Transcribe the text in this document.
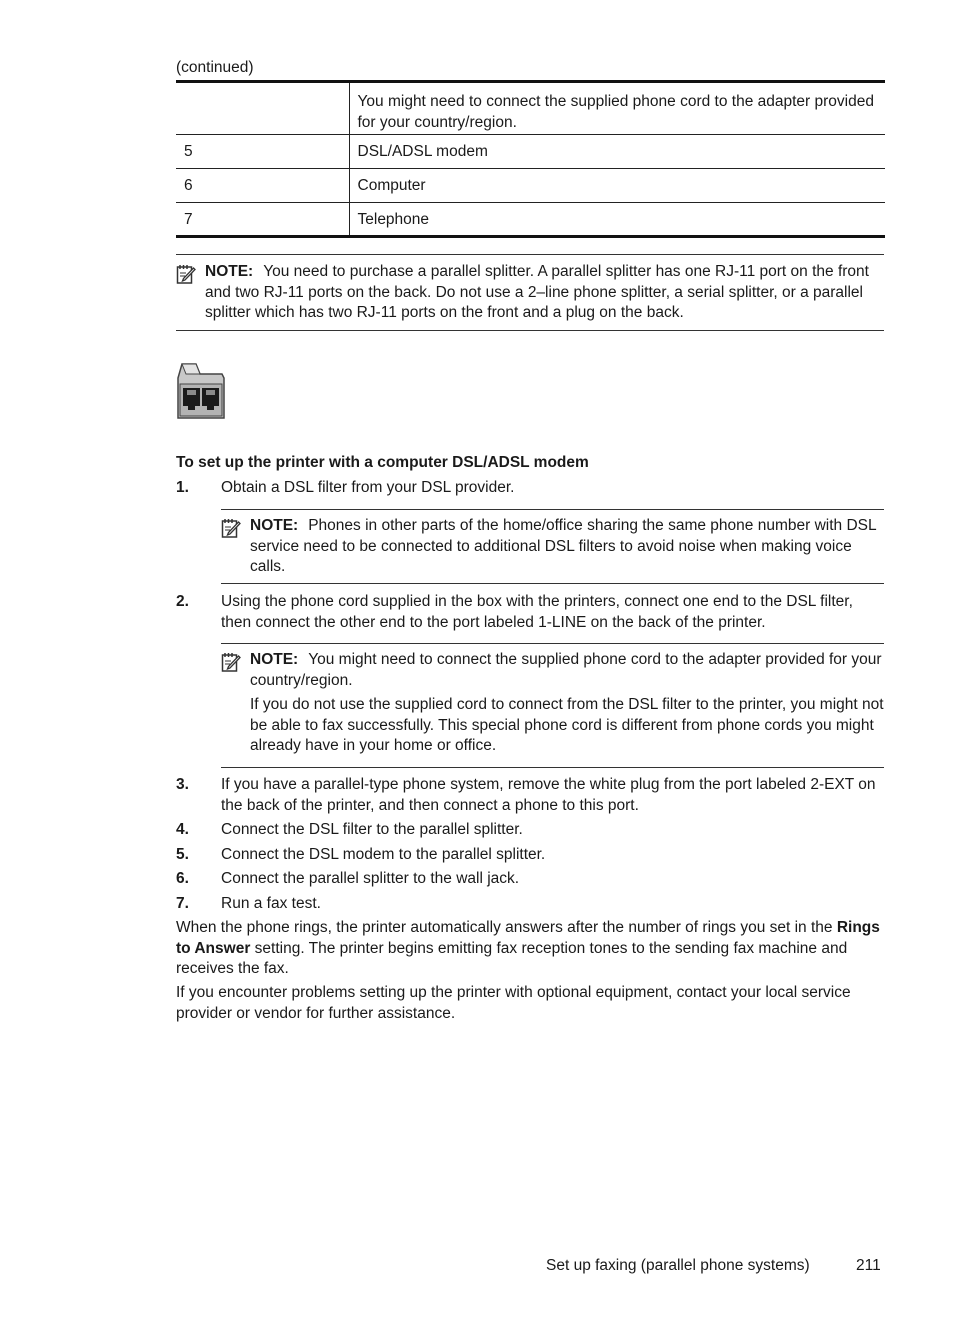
(continued)
	You might need to connect the supplied phone cord to the adapter provided for your country/region.
5	DSL/ADSL modem
6	Computer
7	Telephone
NOTE: You need to purchase a parallel splitter. A parallel splitter has one RJ-11 port on the front and two RJ-11 ports on the back. Do not use a 2–line phone splitter, a serial splitter, or a parallel splitter which has two RJ-11 ports on the front and a plug on the back.
To set up the printer with a computer DSL/ADSL modem
1. Obtain a DSL filter from your DSL provider.
NOTE: Phones in other parts of the home/office sharing the same phone number with DSL service need to be connected to additional DSL filters to avoid noise when making voice calls.
2. Using the phone cord supplied in the box with the printers, connect one end to the DSL filter, then connect the other end to the port labeled 1-LINE on the back of the printer.
NOTE: You might need to connect the supplied phone cord to the adapter provided for your country/region.
If you do not use the supplied cord to connect from the DSL filter to the printer, you might not be able to fax successfully. This special phone cord is different from phone cords you might already have in your home or office.
3. If you have a parallel-type phone system, remove the white plug from the port labeled 2-EXT on the back of the printer, and then connect a phone to this port.
4. Connect the DSL filter to the parallel splitter.
5. Connect the DSL modem to the parallel splitter.
6. Connect the parallel splitter to the wall jack.
7. Run a fax test.
When the phone rings, the printer automatically answers after the number of rings you set in the Rings to Answer setting. The printer begins emitting fax reception tones to the sending fax machine and receives the fax.
If you encounter problems setting up the printer with optional equipment, contact your local service provider or vendor for further assistance.
Set up faxing (parallel phone systems)	211
